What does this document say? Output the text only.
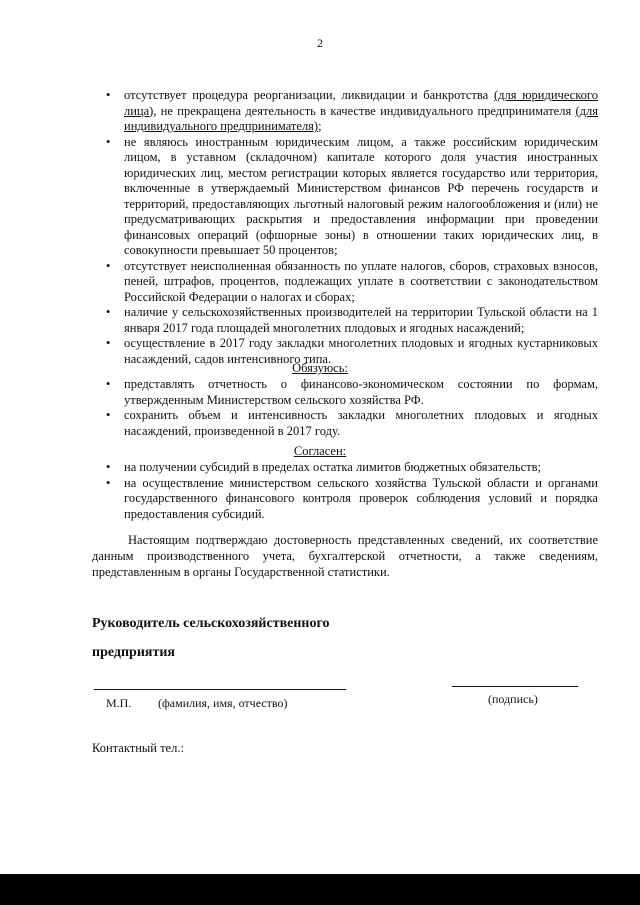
2
• отсутствует процедура реорганизации, ликвидации и банкротства (для юридического лица), не прекращена деятельность в качестве индивидуального предпринимателя (для индивидуального предпринимателя);
• не являюсь иностранным юридическим лицом, а также российским юридическим лицом, в уставном (складочном) капитале которого доля участия иностранных юридических лиц, местом регистрации которых является государство или территория, включенные в утверждаемый Министерством финансов РФ перечень государств и территорий, предоставляющих льготный налоговый режим налогообложения и (или) не предусматривающих раскрытия и предоставления информации при проведении финансовых операций (офшорные зоны) в отношении таких юридических лиц, в совокупности превышает 50 процентов;
• отсутствует неисполненная обязанность по уплате налогов, сборов, страховых взносов, пеней, штрафов, процентов, подлежащих уплате в соответствии с законодательством Российской Федерации о налогах и сборах;
• наличие у сельскохозяйственных производителей на территории Тульской области на 1 января 2017 года площадей многолетних плодовых и ягодных насаждений;
• осуществление в 2017 году закладки многолетних плодовых и ягодных кустарниковых насаждений, садов интенсивного типа.
Обязуюсь:
• представлять отчетность о финансово-экономическом состоянии по формам, утвержденным Министерством сельского хозяйства РФ.
• сохранить объем и интенсивность закладки многолетних плодовых и ягодных насаждений, произведенной в 2017 году.
Согласен:
• на получении субсидий в пределах остатка лимитов бюджетных обязательств;
• на осуществление министерством сельского хозяйства Тульской области и органами государственного финансового контроля проверок соблюдения условий и порядка предоставления субсидий.
Настоящим подтверждаю достоверность представленных сведений, их соответствие данным производственного учета, бухгалтерской отчетности, а также сведениям, представленным в органы Государственной статистики.
Руководитель сельскохозяйственного
предприятия
М.П. (фамилия, имя, отчество)	(подпись)
Контактный тел.:
